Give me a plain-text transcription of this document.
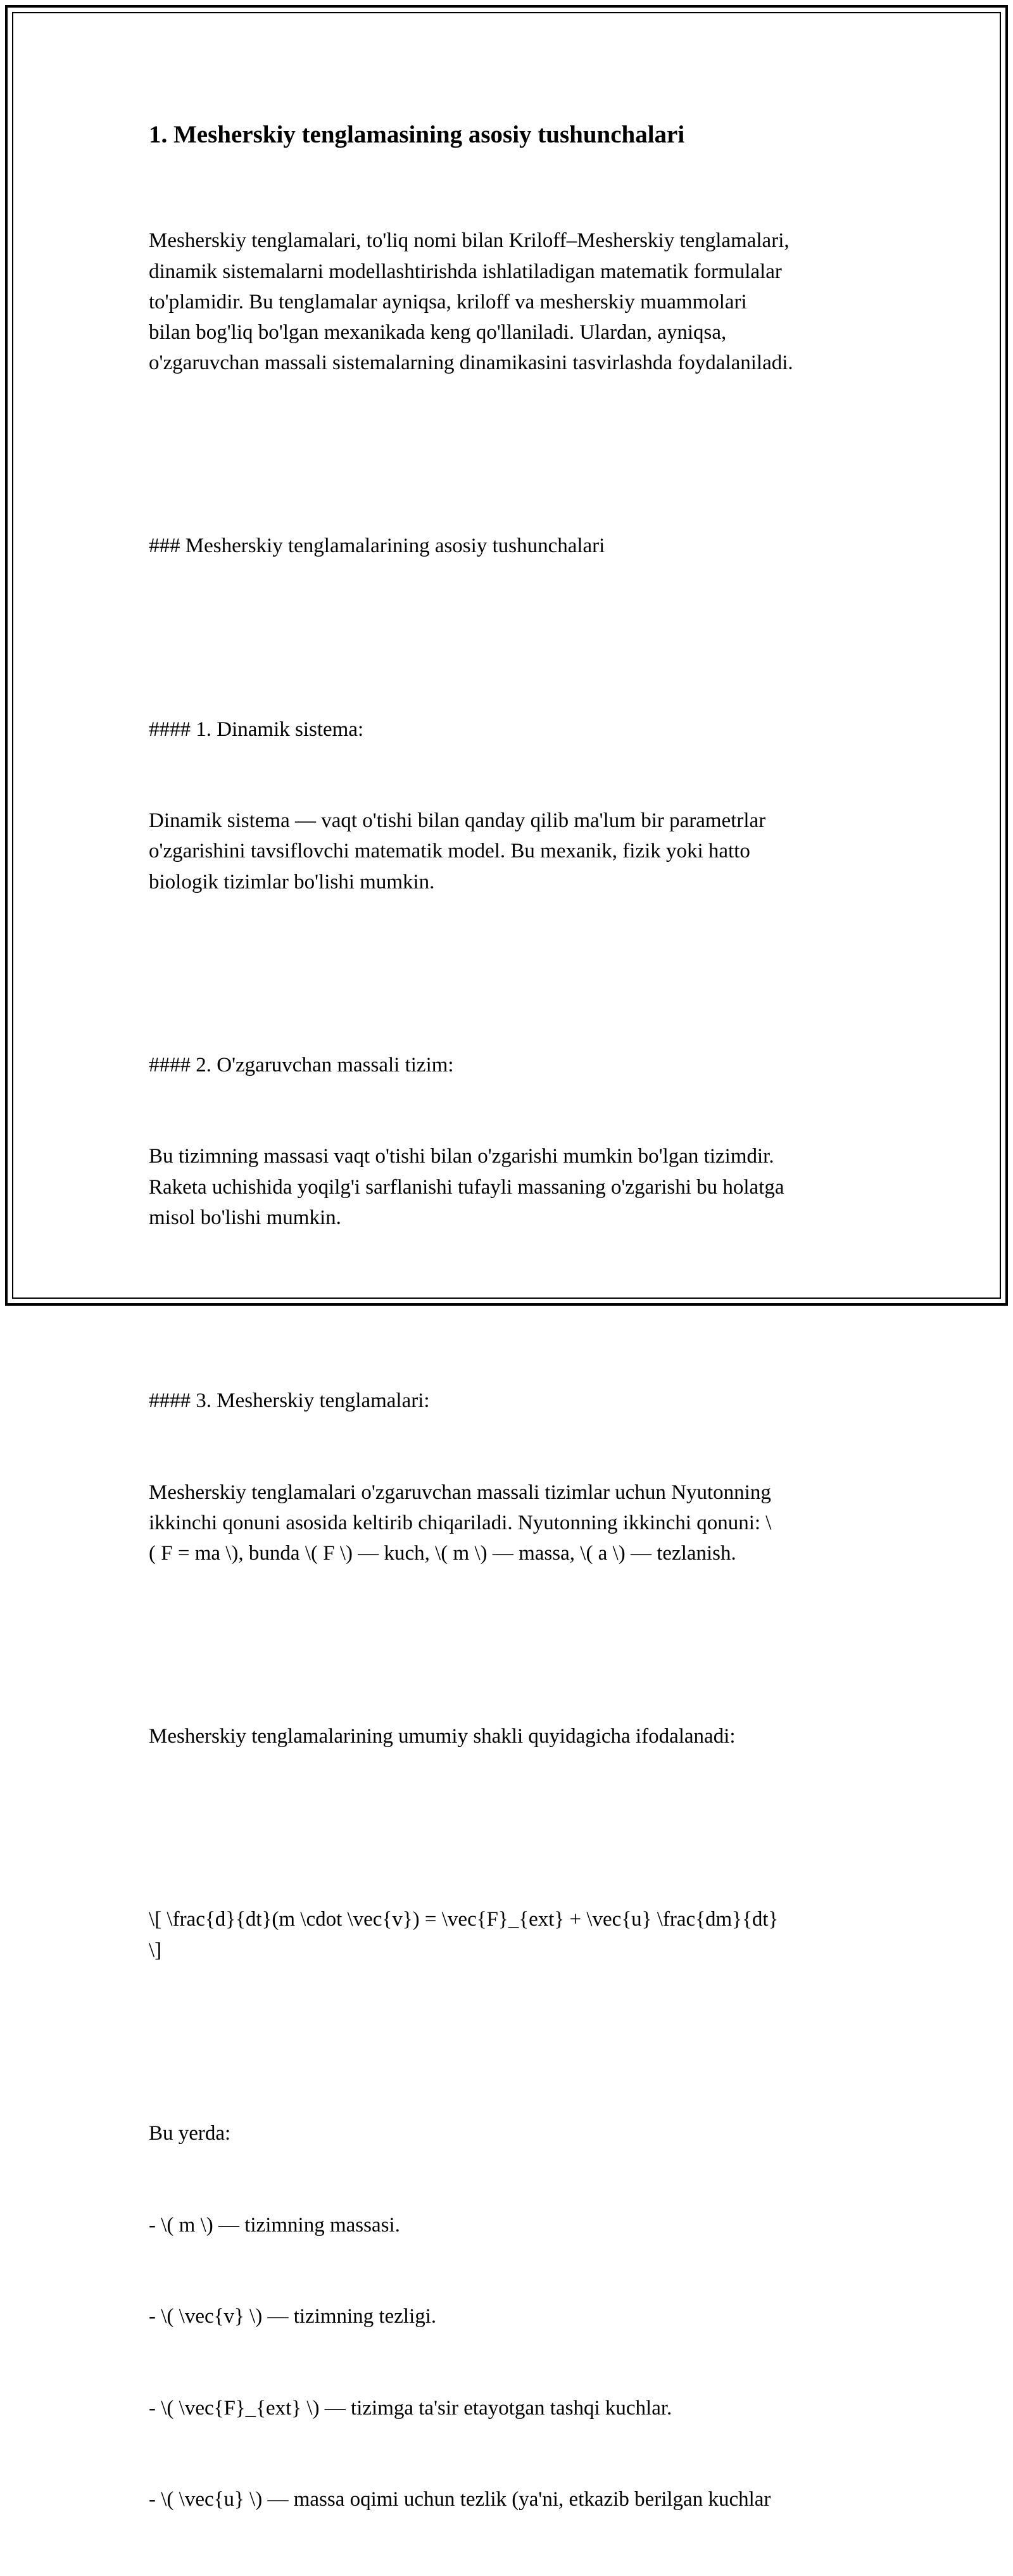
1. Mesherskiy tenglamasining asosiy tushunchalari

Mesherskiy tenglamalari, to'liq nomi bilan Kriloff–Mesherskiy tenglamalari,
dinamik sistemalarni modellashtirishda ishlatiladigan matematik formulalar
to'plamidir. Bu tenglamalar ayniqsa, kriloff va mesherskiy muammolari
bilan bog'liq bo'lgan mexanikada keng qo'llaniladi. Ulardan, ayniqsa,
o'zgaruvchan massali sistemalarning dinamikasini tasvirlashda foydalaniladi.

### Mesherskiy tenglamalarining asosiy tushunchalari

#### 1. Dinamik sistema:

Dinamik sistema — vaqt o'tishi bilan qanday qilib ma'lum bir parametrlar
o'zgarishini tavsiflovchi matematik model. Bu mexanik, fizik yoki hatto
biologik tizimlar bo'lishi mumkin.

#### 2. O'zgaruvchan massali tizim:

Bu tizimning massasi vaqt o'tishi bilan o'zgarishi mumkin bo'lgan tizimdir.
Raketa uchishida yoqilg'i sarflanishi tufayli massaning o'zgarishi bu holatga
misol bo'lishi mumkin.

#### 3. Mesherskiy tenglamalari:

Mesherskiy tenglamalari o'zgaruvchan massali tizimlar uchun Nyutonning
ikkinchi qonuni asosida keltirib chiqariladi. Nyutonning ikkinchi qonuni: \
( F = ma \), bunda \( F \) — kuch, \( m \) — massa, \( a \) — tezlanish.

Mesherskiy tenglamalarining umumiy shakli quyidagicha ifodalanadi:

\[ \frac{d}{dt}(m \cdot \vec{v}) = \vec{F}_{ext} + \vec{u} \frac{dm}{dt}
\]

Bu yerda:

- \( m \) — tizimning massasi.

- \( \vec{v} \) — tizimning tezligi.

- \( \vec{F}_{ext} \) — tizimga ta'sir etayotgan tashqi kuchlar.

- \( \vec{u} \) — massa oqimi uchun tezlik (ya'ni, etkazib berilgan kuchlar
